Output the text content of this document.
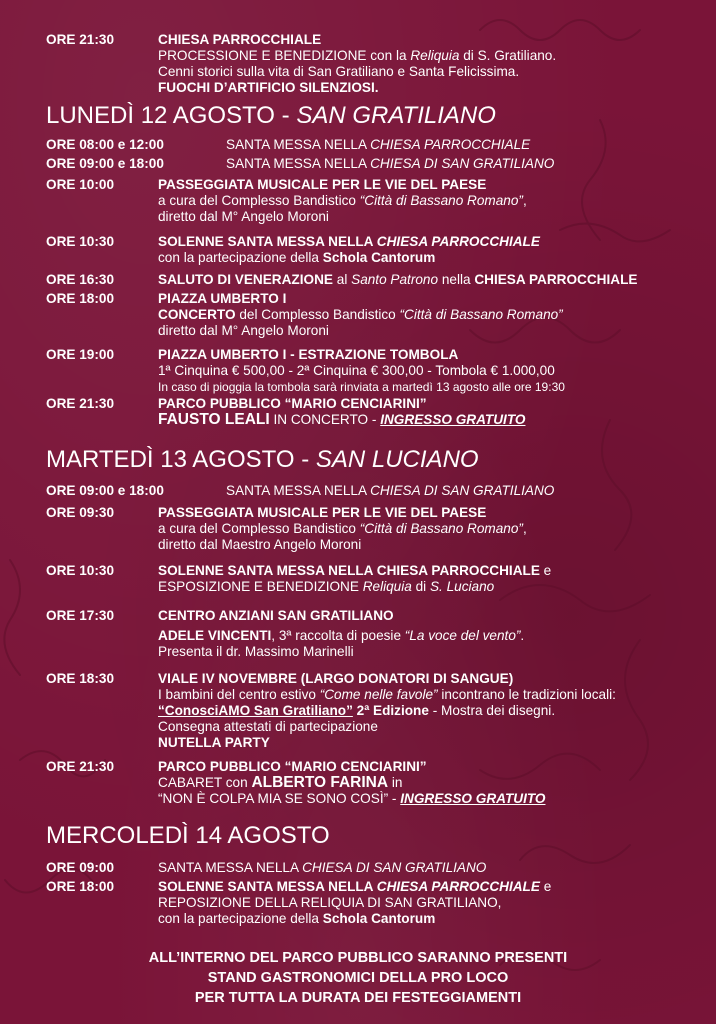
ORE 21:30	CHIESA PARROCCHIALE
PROCESSIONE E BENEDIZIONE con la Reliquia di S. Gratiliano.
Cenni storici sulla vita di San Gratiliano e Santa Felicissima.
FUOCHI D’ARTIFICIO SILENZIOSI.
LUNEDÌ 12 AGOSTO - SAN GRATILIANO
ORE 08:00 e 12:00	SANTA MESSA NELLA CHIESA PARROCCHIALE
ORE 09:00 e 18:00	SANTA MESSA NELLA CHIESA DI SAN GRATILIANO
ORE 10:00	PASSEGGIATA MUSICALE PER LE VIE DEL PAESE
a cura del Complesso Bandistico “Città di Bassano Romano”,
diretto dal M° Angelo Moroni
ORE 10:30	SOLENNE SANTA MESSA NELLA CHIESA PARROCCHIALE
con la partecipazione della Schola Cantorum
ORE 16:30	SALUTO DI VENERAZIONE al Santo Patrono nella CHIESA PARROCCHIALE
ORE 18:00	PIAZZA UMBERTO I
CONCERTO del Complesso Bandistico “Città di Bassano Romano”
diretto dal M° Angelo Moroni
ORE 19:00	PIAZZA UMBERTO I - ESTRAZIONE TOMBOLA
1ª Cinquina € 500,00 - 2ª Cinquina € 300,00 - Tombola € 1.000,00
In caso di pioggia la tombola sarà rinviata a martedì 13 agosto alle ore 19:30
ORE 21:30	PARCO PUBBLICO “MARIO CENCIARINI”
FAUSTO LEALI IN CONCERTO - INGRESSO GRATUITO
MARTEDÌ 13 AGOSTO - SAN LUCIANO
ORE 09:00 e 18:00	SANTA MESSA NELLA CHIESA DI SAN GRATILIANO
ORE 09:30	PASSEGGIATA MUSICALE PER LE VIE DEL PAESE
a cura del Complesso Bandistico “Città di Bassano Romano”,
diretto dal Maestro Angelo Moroni
ORE 10:30	SOLENNE SANTA MESSA NELLA CHIESA PARROCCHIALE e
ESPOSIZIONE E BENEDIZIONE Reliquia di S. Luciano
ORE 17:30	CENTRO ANZIANI SAN GRATILIANO
ADELE VINCENTI, 3ª raccolta di poesie “La voce del vento”.
Presenta il dr. Massimo Marinelli
ORE 18:30	VIALE IV NOVEMBRE (LARGO DONATORI DI SANGUE)
I bambini del centro estivo “Come nelle favole” incontrano le tradizioni locali:
“ConosciAMO San Gratiliano” 2ª Edizione - Mostra dei disegni.
Consegna attestati di partecipazione
NUTELLA PARTY
ORE 21:30	PARCO PUBBLICO “MARIO CENCIARINI”
CABARET con ALBERTO FARINA in
“NON È COLPA MIA SE SONO COSÌ” - INGRESSO GRATUITO
MERCOLEDÌ 14 AGOSTO
ORE 09:00	SANTA MESSA NELLA CHIESA DI SAN GRATILIANO
ORE 18:00	SOLENNE SANTA MESSA NELLA CHIESA PARROCCHIALE e
REPOSIZIONE DELLA RELIQUIA DI SAN GRATILIANO,
con la partecipazione della Schola Cantorum
ALL’INTERNO DEL PARCO PUBBLICO SARANNO PRESENTI
STAND GASTRONOMICI DELLA PRO LOCO
PER TUTTA LA DURATA DEI FESTEGGIAMENTI
